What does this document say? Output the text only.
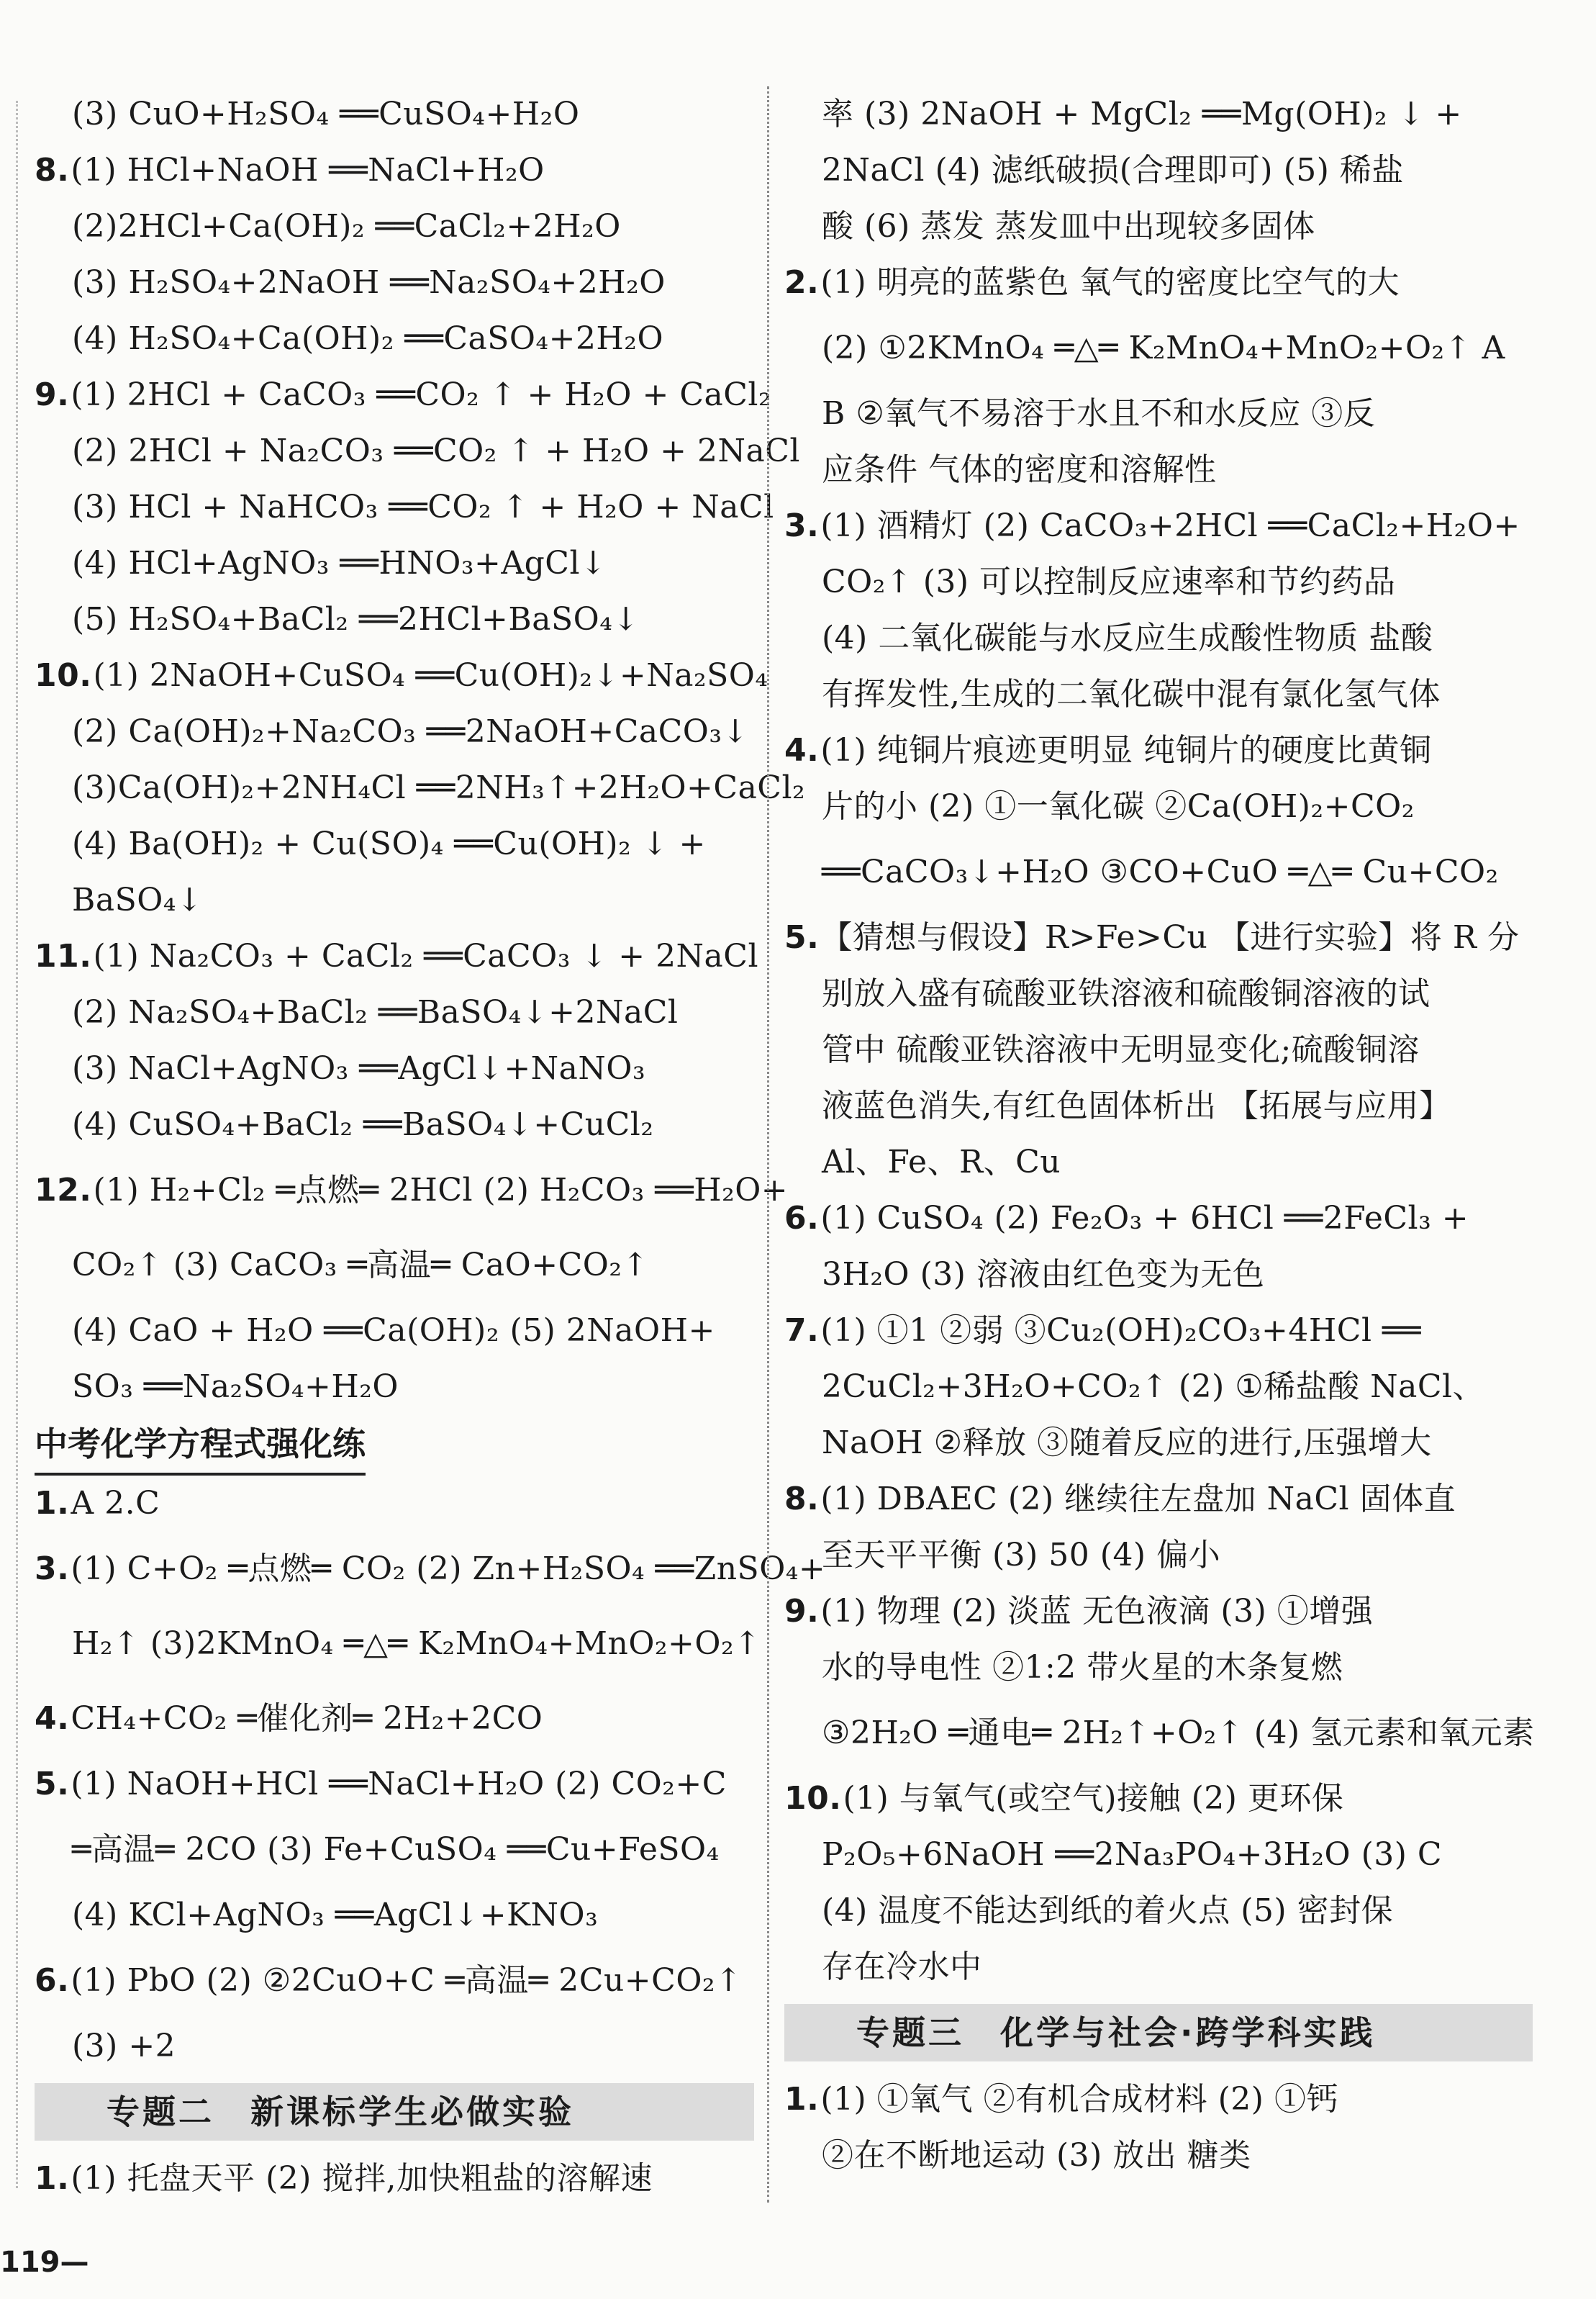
(3) CuO+H₂SO₄ ══CuSO₄+H₂O
8.(1) HCl+NaOH ══NaCl+H₂O
(2)2HCl+Ca(OH)₂ ══CaCl₂+2H₂O
(3) H₂SO₄+2NaOH ══Na₂SO₄+2H₂O
(4) H₂SO₄+Ca(OH)₂ ══CaSO₄+2H₂O
9.(1) 2HCl + CaCO₃ ══CO₂ ↑ + H₂O + CaCl₂
(2) 2HCl + Na₂CO₃ ══CO₂ ↑ + H₂O + 2NaCl
(3) HCl + NaHCO₃ ══CO₂ ↑ + H₂O + NaCl
(4) HCl+AgNO₃ ══HNO₃+AgCl↓
(5) H₂SO₄+BaCl₂ ══2HCl+BaSO₄↓
10.(1) 2NaOH+CuSO₄ ══Cu(OH)₂↓+Na₂SO₄
(2) Ca(OH)₂+Na₂CO₃ ══2NaOH+CaCO₃↓
(3)Ca(OH)₂+2NH₄Cl ══2NH₃↑+2H₂O+CaCl₂
(4) Ba(OH)₂ + Cu(SO)₄ ══Cu(OH)₂ ↓ +
BaSO₄↓
11.(1) Na₂CO₃ + CaCl₂ ══CaCO₃ ↓ + 2NaCl
(2) Na₂SO₄+BaCl₂ ══BaSO₄↓+2NaCl
(3) NaCl+AgNO₃ ══AgCl↓+NaNO₃
(4) CuSO₄+BaCl₂ ══BaSO₄↓+CuCl₂
12.(1) H₂+Cl₂ ═点燃═ 2HCl (2) H₂CO₃ ══H₂O+
CO₂↑ (3) CaCO₃ ═高温═ CaO+CO₂↑
(4) CaO + H₂O ══Ca(OH)₂ (5) 2NaOH+
SO₃ ══Na₂SO₄+H₂O
中考化学方程式强化练
1.A 2.C
3.(1) C+O₂ ═点燃═ CO₂ (2) Zn+H₂SO₄ ══ZnSO₄+
H₂↑ (3)2KMnO₄ ═△═ K₂MnO₄+MnO₂+O₂↑
4.CH₄+CO₂ ═催化剂═ 2H₂+2CO
5.(1) NaOH+HCl ══NaCl+H₂O (2) CO₂+C
═高温═ 2CO (3) Fe+CuSO₄ ══Cu+FeSO₄
(4) KCl+AgNO₃ ══AgCl↓+KNO₃
6.(1) PbO (2) ②2CuO+C ═高温═ 2Cu+CO₂↑
(3) +2
专题二　新课标学生必做实验
1.(1) 托盘天平 (2) 搅拌,加快粗盐的溶解速
率 (3) 2NaOH + MgCl₂ ══Mg(OH)₂ ↓ +
2NaCl (4) 滤纸破损(合理即可) (5) 稀盐
酸 (6) 蒸发 蒸发皿中出现较多固体
2.(1) 明亮的蓝紫色 氧气的密度比空气的大
(2) ①2KMnO₄ ═△═ K₂MnO₄+MnO₂+O₂↑ A
B ②氧气不易溶于水且不和水反应 ③反
应条件 气体的密度和溶解性
3.(1) 酒精灯 (2) CaCO₃+2HCl ══CaCl₂+H₂O+
CO₂↑ (3) 可以控制反应速率和节约药品
(4) 二氧化碳能与水反应生成酸性物质 盐酸
有挥发性,生成的二氧化碳中混有氯化氢气体
4.(1) 纯铜片痕迹更明显 纯铜片的硬度比黄铜
片的小 (2) ①一氧化碳 ②Ca(OH)₂+CO₂
══CaCO₃↓+H₂O ③CO+CuO ═△═ Cu+CO₂
5.【猜想与假设】R>Fe>Cu 【进行实验】将 R 分
别放入盛有硫酸亚铁溶液和硫酸铜溶液的试
管中 硫酸亚铁溶液中无明显变化;硫酸铜溶
液蓝色消失,有红色固体析出 【拓展与应用】
Al、Fe、R、Cu
6.(1) CuSO₄ (2) Fe₂O₃ + 6HCl ══2FeCl₃ +
3H₂O (3) 溶液由红色变为无色
7.(1) ①1 ②弱 ③Cu₂(OH)₂CO₃+4HCl ══
2CuCl₂+3H₂O+CO₂↑ (2) ①稀盐酸 NaCl、
NaOH ②释放 ③随着反应的进行,压强增大
8.(1) DBAEC (2) 继续往左盘加 NaCl 固体直
至天平平衡 (3) 50 (4) 偏小
9.(1) 物理 (2) 淡蓝 无色液滴 (3) ①增强
水的导电性 ②1:2 带火星的木条复燃
③2H₂O ═通电═ 2H₂↑+O₂↑ (4) 氢元素和氧元素
10.(1) 与氧气(或空气)接触 (2) 更环保
P₂O₅+6NaOH ══2Na₃PO₄+3H₂O (3) C
(4) 温度不能达到纸的着火点 (5) 密封保
存在冷水中
专题三　化学与社会·跨学科实践
1.(1) ①氧气 ②有机合成材料 (2) ①钙
②在不断地运动 (3) 放出 糖类
119—
